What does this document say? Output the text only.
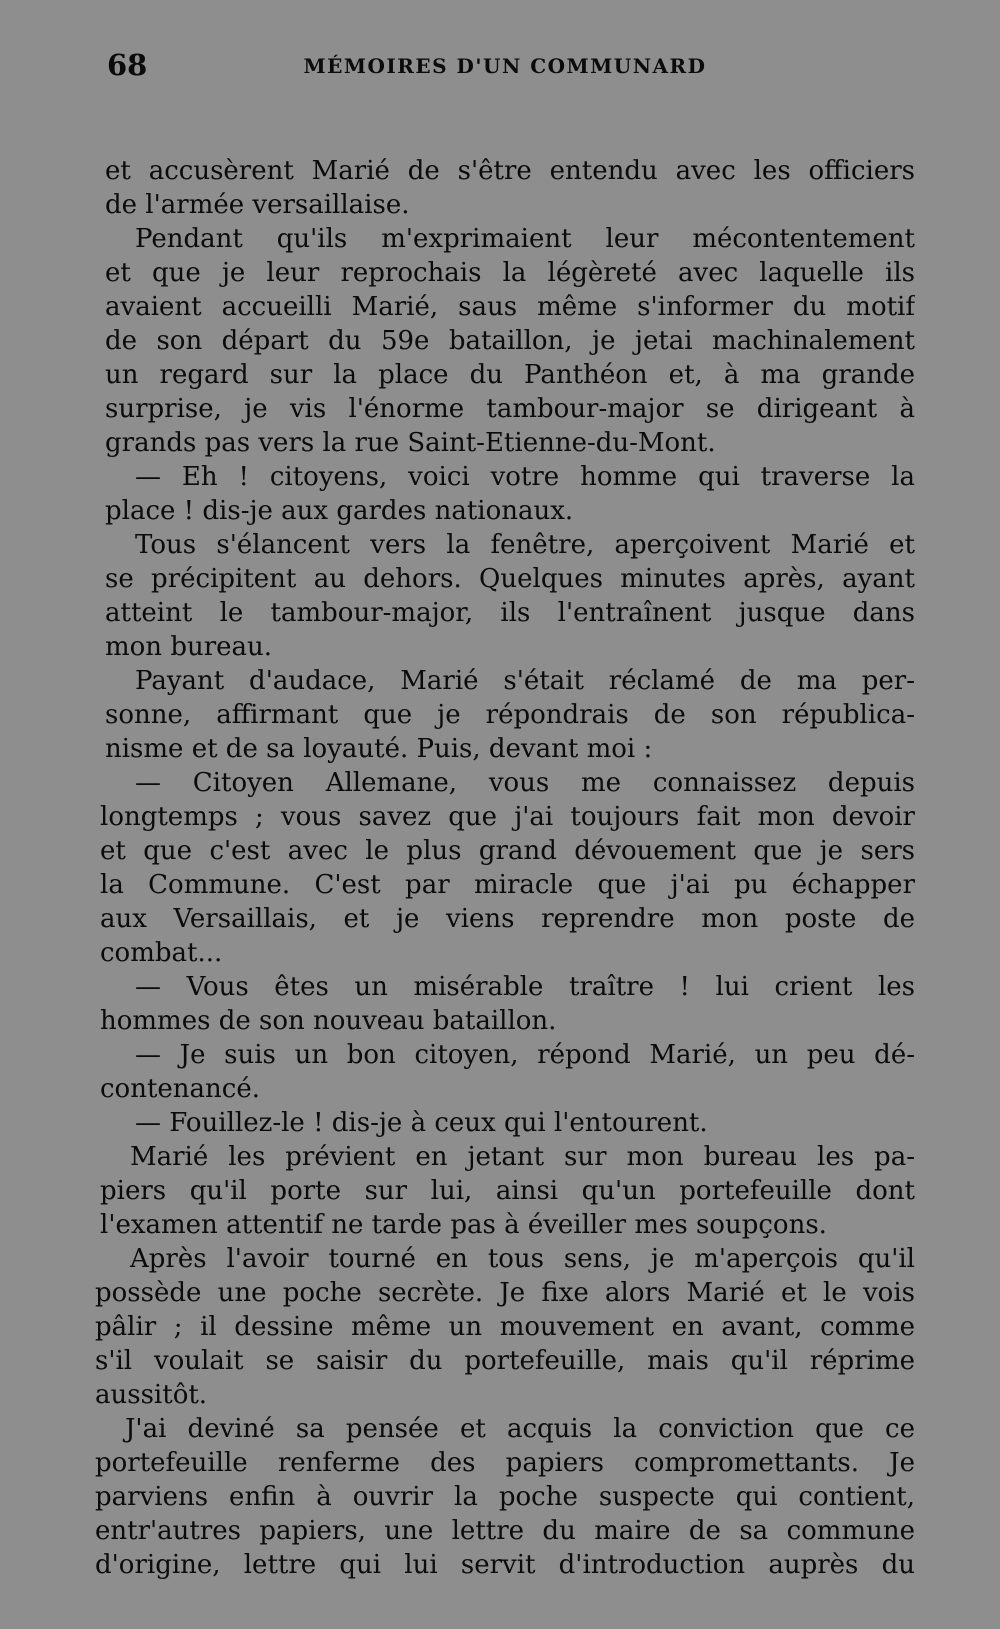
68	MÉMOIRES D'UN COMMUNARD
et accusèrent Marié de s'être entendu avec les officiers
de l'armée versaillaise.
Pendant qu'ils m'exprimaient leur mécontentement
et que je leur reprochais la légèreté avec laquelle ils
avaient accueilli Marié, saus même s'informer du motif
de son départ du 59e bataillon, je jetai machinalement
un regard sur la place du Panthéon et, à ma grande
surprise, je vis l'énorme tambour-major se dirigeant à
grands pas vers la rue Saint-Etienne-du-Mont.
— Eh ! citoyens, voici votre homme qui traverse la
place ! dis-je aux gardes nationaux.
Tous s'élancent vers la fenêtre, aperçoivent Marié et
se précipitent au dehors. Quelques minutes après, ayant
atteint le tambour-major, ils l'entraînent jusque dans
mon bureau.
Payant d'audace, Marié s'était réclamé de ma per-
sonne, affirmant que je répondrais de son républica-
nisme et de sa loyauté. Puis, devant moi :
— Citoyen Allemane, vous me connaissez depuis
longtemps ; vous savez que j'ai toujours fait mon devoir
et que c'est avec le plus grand dévouement que je sers
la Commune. C'est par miracle que j'ai pu échapper
aux Versaillais, et je viens reprendre mon poste de
combat...
— Vous êtes un misérable traître ! lui crient les
hommes de son nouveau bataillon.
— Je suis un bon citoyen, répond Marié, un peu dé-
contenancé.
— Fouillez-le ! dis-je à ceux qui l'entourent.
Marié les prévient en jetant sur mon bureau les pa-
piers qu'il porte sur lui, ainsi qu'un portefeuille dont
l'examen attentif ne tarde pas à éveiller mes soupçons.
Après l'avoir tourné en tous sens, je m'aperçois qu'il
possède une poche secrète. Je fixe alors Marié et le vois
pâlir ; il dessine même un mouvement en avant, comme
s'il voulait se saisir du portefeuille, mais qu'il réprime
aussitôt.
J'ai deviné sa pensée et acquis la conviction que ce
portefeuille renferme des papiers compromettants. Je
parviens enfin à ouvrir la poche suspecte qui contient,
entr'autres papiers, une lettre du maire de sa commune
d'origine, lettre qui lui servit d'introduction auprès du
